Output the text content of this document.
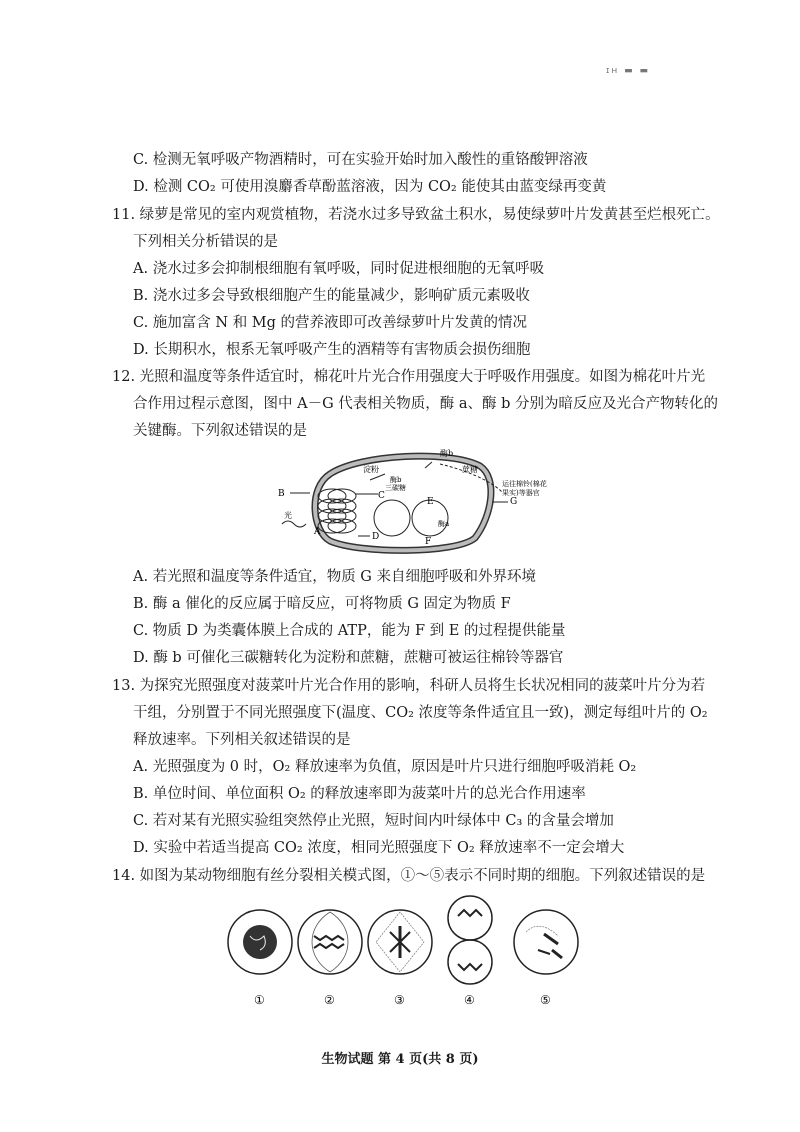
ɪʜ ▬ ▬
C. 检测无氧呼吸产物酒精时，可在实验开始时加入酸性的重铬酸钾溶液
D. 检测 CO₂ 可使用溴麝香草酚蓝溶液，因为 CO₂ 能使其由蓝变绿再变黄
11. 绿萝是常见的室内观赏植物，若浇水过多导致盆土积水，易使绿萝叶片发黄甚至烂根死亡。
下列相关分析错误的是
A. 浇水过多会抑制根细胞有氧呼吸，同时促进根细胞的无氧呼吸
B. 浇水过多会导致根细胞产生的能量减少，影响矿质元素吸收
C. 施加富含 N 和 Mg 的营养液即可改善绿萝叶片发黄的情况
D. 长期积水，根系无氧呼吸产生的酒精等有害物质会损伤细胞
12. 光照和温度等条件适宜时，棉花叶片光合作用强度大于呼吸作用强度。如图为棉花叶片光
合作用过程示意图，图中 A－G 代表相关物质，酶 a、酶 b 分别为暗反应及光合产物转化的
关键酶。下列叙述错误的是
酶b
淀粉	蔗糖
酶b
三碳糖
B	C
A	D
E
F
G
酶a
光
运往棉铃(棉花
果实)等器官
A. 若光照和温度等条件适宜，物质 G 来自细胞呼吸和外界环境
B. 酶 a 催化的反应属于暗反应，可将物质 G 固定为物质 F
C. 物质 D 为类囊体膜上合成的 ATP，能为 F 到 E 的过程提供能量
D. 酶 b 可催化三碳糖转化为淀粉和蔗糖，蔗糖可被运往棉铃等器官
13. 为探究光照强度对菠菜叶片光合作用的影响，科研人员将生长状况相同的菠菜叶片分为若
干组，分别置于不同光照强度下(温度、CO₂ 浓度等条件适宜且一致)，测定每组叶片的 O₂
释放速率。下列相关叙述错误的是
A. 光照强度为 0 时，O₂ 释放速率为负值，原因是叶片只进行细胞呼吸消耗 O₂
B. 单位时间、单位面积 O₂ 的释放速率即为菠菜叶片的总光合作用速率
C. 若对某有光照实验组突然停止光照，短时间内叶绿体中 C₃ 的含量会增加
D. 实验中若适当提高 CO₂ 浓度，相同光照强度下 O₂ 释放速率不一定会增大
14. 如图为某动物细胞有丝分裂相关模式图，①～⑤表示不同时期的细胞。下列叙述错误的是
①	②	③	④	⑤
生物试题 第 4 页(共 8 页)
